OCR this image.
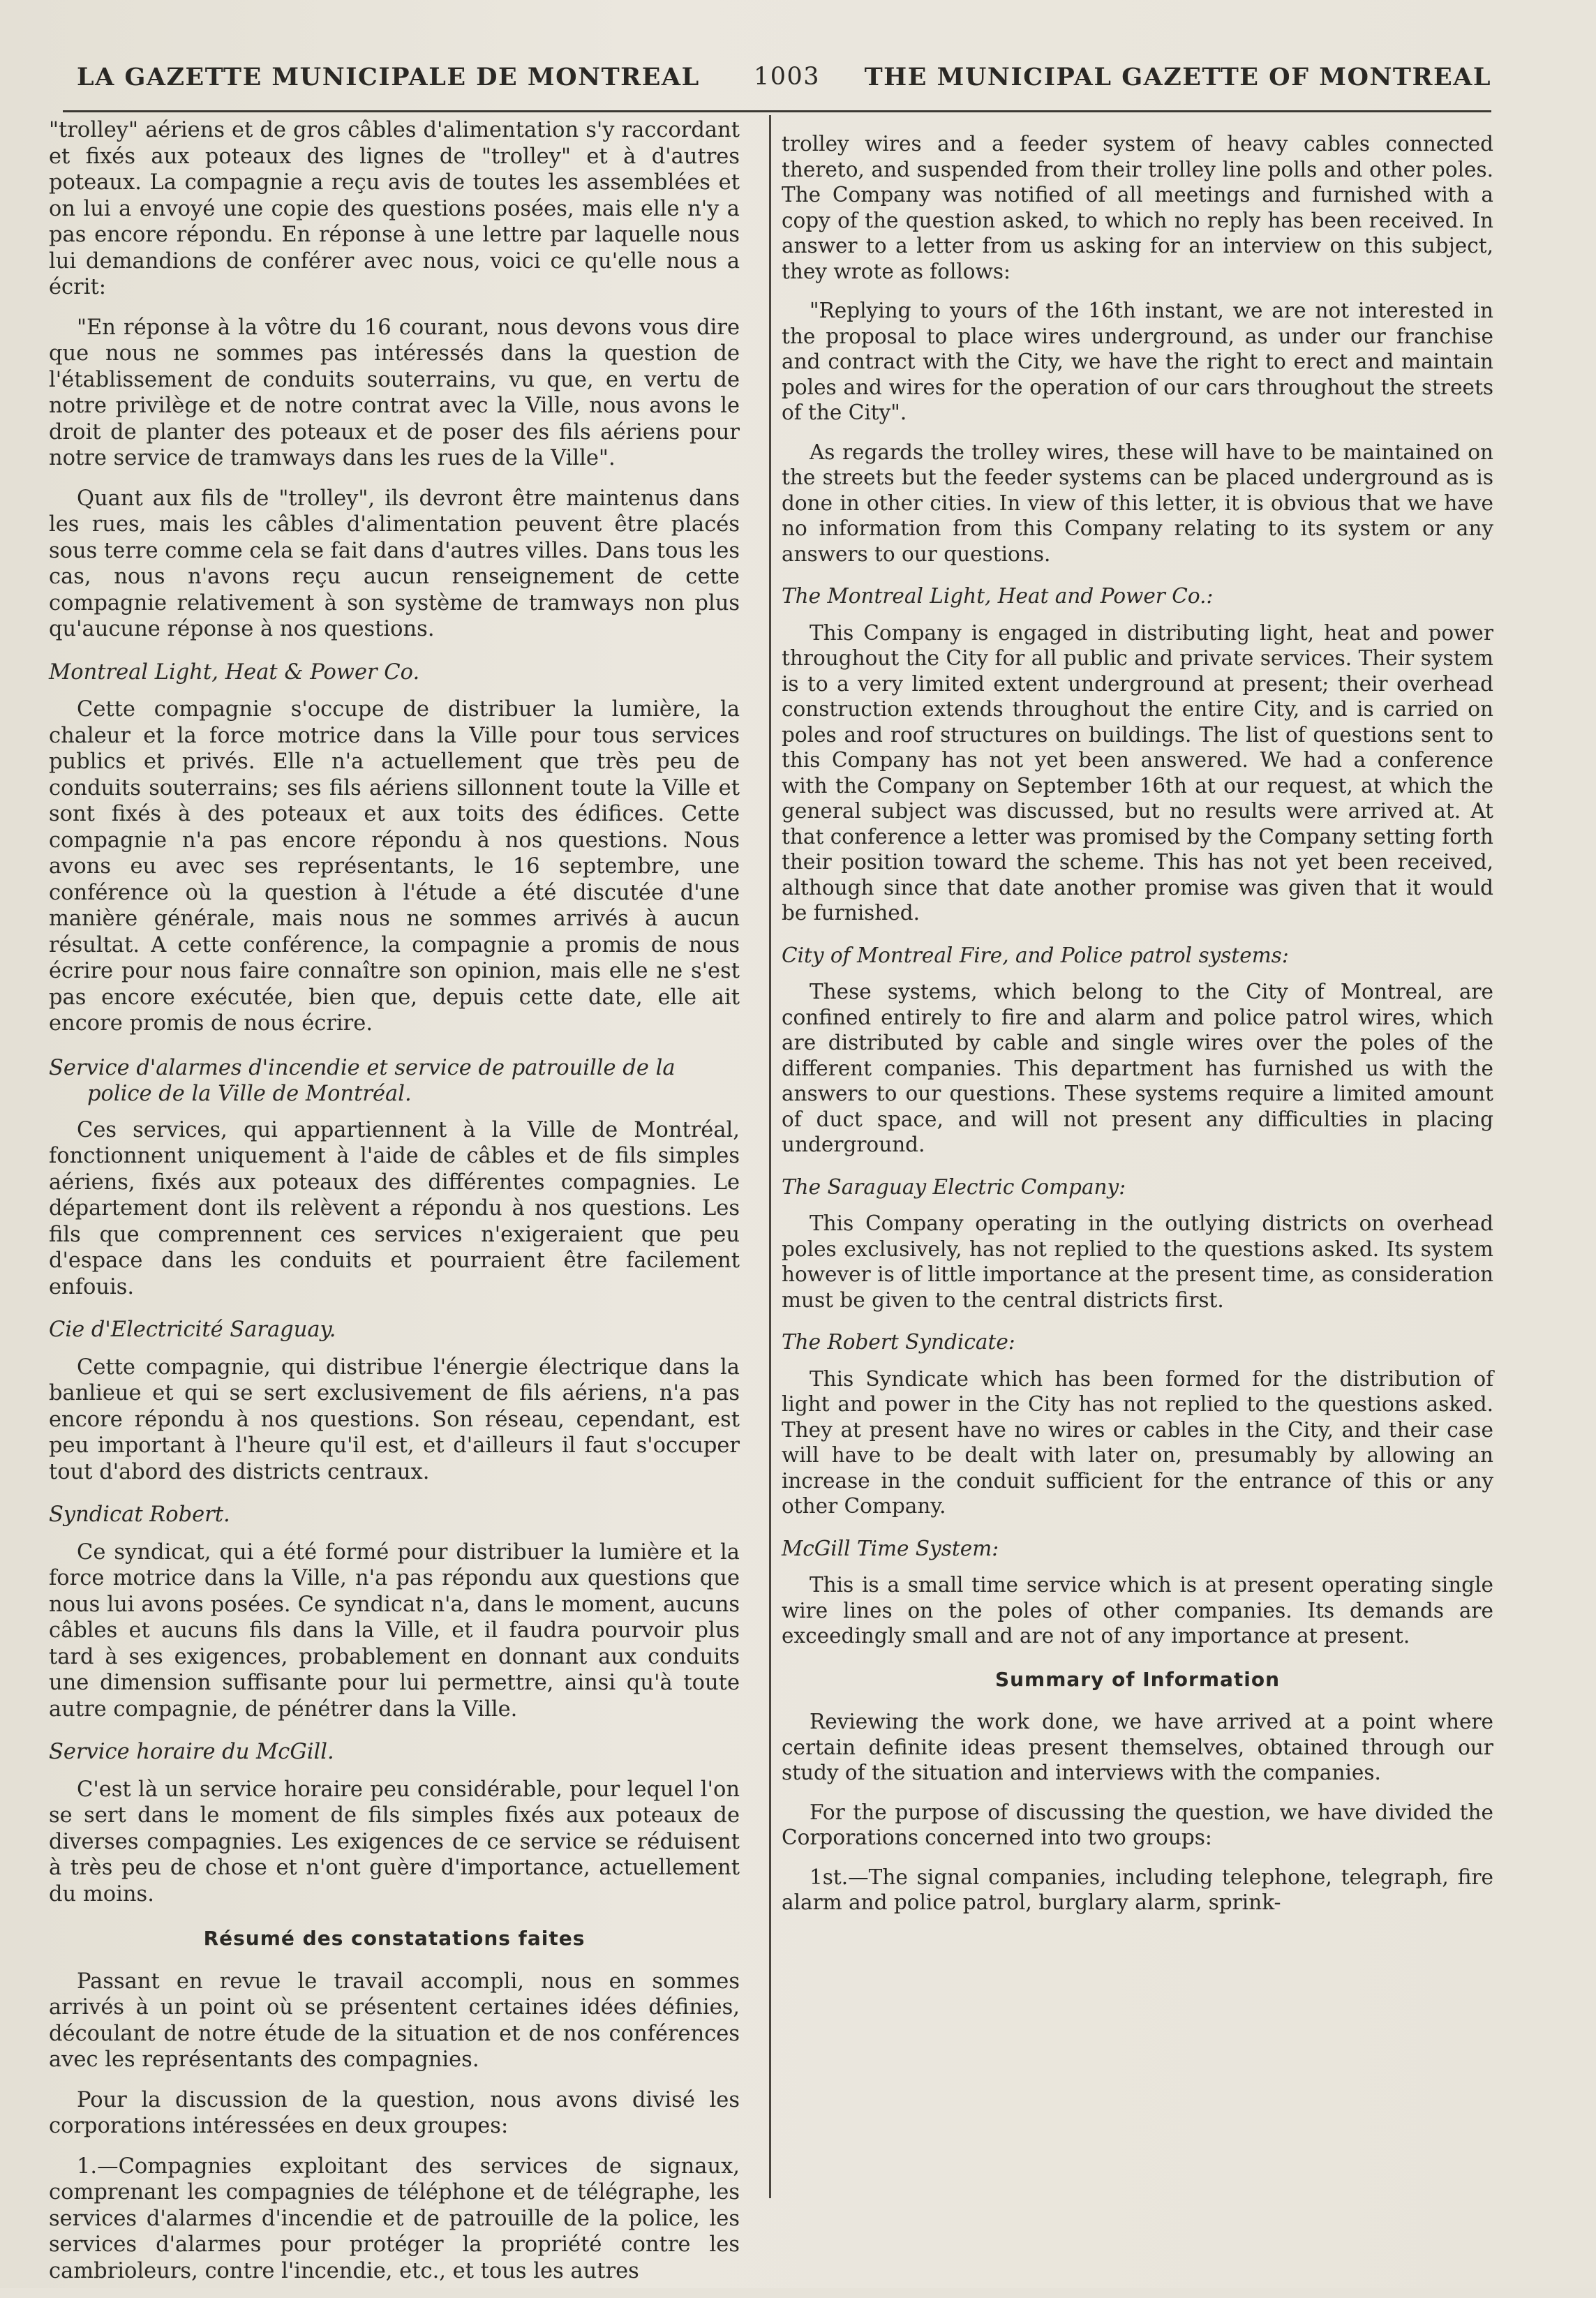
LA GAZETTE MUNICIPALE DE MONTREAL 1003 THE MUNICIPAL GAZETTE OF MONTREAL

"trolley" aériens et de gros câbles d'alimentation s'y raccordant et fixés aux poteaux des lignes de "trolley" et à d'autres poteaux. La compagnie a reçu avis de toutes les assemblées et on lui a envoyé une copie des questions posées, mais elle n'y a pas encore répondu. En réponse à une lettre par laquelle nous lui demandions de conférer avec nous, voici ce qu'elle nous a écrit:

"En réponse à la vôtre du 16 courant, nous devons vous dire que nous ne sommes pas intéressés dans la question de l'établissement de conduits souterrains, vu que, en vertu de notre privilège et de notre contrat avec la Ville, nous avons le droit de planter des poteaux et de poser des fils aériens pour notre service de tramways dans les rues de la Ville".

Quant aux fils de "trolley", ils devront être maintenus dans les rues, mais les câbles d'alimentation peuvent être placés sous terre comme cela se fait dans d'autres villes. Dans tous les cas, nous n'avons reçu aucun renseignement de cette compagnie relativement à son système de tramways non plus qu'aucune réponse à nos questions.

Montreal Light, Heat & Power Co.

Cette compagnie s'occupe de distribuer la lumière, la chaleur et la force motrice dans la Ville pour tous services publics et privés. Elle n'a actuellement que très peu de conduits souterrains; ses fils aériens sillonnent toute la Ville et sont fixés à des poteaux et aux toits des édifices. Cette compagnie n'a pas encore répondu à nos questions. Nous avons eu avec ses représentants, le 16 septembre, une conférence où la question à l'étude a été discutée d'une manière générale, mais nous ne sommes arrivés à aucun résultat. A cette conférence, la compagnie a promis de nous écrire pour nous faire connaître son opinion, mais elle ne s'est pas encore exécutée, bien que, depuis cette date, elle ait encore promis de nous écrire.

Service d'alarmes d'incendie et service de patrouille de la police de la Ville de Montréal.

Ces services, qui appartiennent à la Ville de Montréal, fonctionnent uniquement à l'aide de câbles et de fils simples aériens, fixés aux poteaux des différentes compagnies. Le département dont ils relèvent a répondu à nos questions. Les fils que comprennent ces services n'exigeraient que peu d'espace dans les conduits et pourraient être facilement enfouis.

Cie d'Electricité Saraguay.

Cette compagnie, qui distribue l'énergie électrique dans la banlieue et qui se sert exclusivement de fils aériens, n'a pas encore répondu à nos questions. Son réseau, cependant, est peu important à l'heure qu'il est, et d'ailleurs il faut s'occuper tout d'abord des districts centraux.

Syndicat Robert.

Ce syndicat, qui a été formé pour distribuer la lumière et la force motrice dans la Ville, n'a pas répondu aux questions que nous lui avons posées. Ce syndicat n'a, dans le moment, aucuns câbles et aucuns fils dans la Ville, et il faudra pourvoir plus tard à ses exigences, probablement en donnant aux conduits une dimension suffisante pour lui permettre, ainsi qu'à toute autre compagnie, de pénétrer dans la Ville.

Service horaire du McGill.

C'est là un service horaire peu considérable, pour lequel l'on se sert dans le moment de fils simples fixés aux poteaux de diverses compagnies. Les exigences de ce service se réduisent à très peu de chose et n'ont guère d'importance, actuellement du moins.

Résumé des constatations faites

Passant en revue le travail accompli, nous en sommes arrivés à un point où se présentent certaines idées définies, découlant de notre étude de la situation et de nos conférences avec les représentants des compagnies.

Pour la discussion de la question, nous avons divisé les corporations intéressées en deux groupes:

1.—Compagnies exploitant des services de signaux, comprenant les compagnies de téléphone et de télégraphe, les services d'alarmes d'incendie et de patrouille de la police, les services d'alarmes pour protéger la propriété contre les cambrioleurs, contre l'incendie, etc., et tous les autres

trolley wires and a feeder system of heavy cables connected thereto, and suspended from their trolley line polls and other poles. The Company was notified of all meetings and furnished with a copy of the question asked, to which no reply has been received. In answer to a letter from us asking for an interview on this subject, they wrote as follows:

"Replying to yours of the 16th instant, we are not interested in the proposal to place wires underground, as under our franchise and contract with the City, we have the right to erect and maintain poles and wires for the operation of our cars throughout the streets of the City".

As regards the trolley wires, these will have to be maintained on the streets but the feeder systems can be placed underground as is done in other cities. In view of this letter, it is obvious that we have no information from this Company relating to its system or any answers to our questions.

The Montreal Light, Heat and Power Co.:

This Company is engaged in distributing light, heat and power throughout the City for all public and private services. Their system is to a very limited extent underground at present; their overhead construction extends throughout the entire City, and is carried on poles and roof structures on buildings. The list of questions sent to this Company has not yet been answered. We had a conference with the Company on September 16th at our request, at which the general subject was discussed, but no results were arrived at. At that conference a letter was promised by the Company setting forth their position toward the scheme. This has not yet been received, although since that date another promise was given that it would be furnished.

City of Montreal Fire, and Police patrol systems:

These systems, which belong to the City of Montreal, are confined entirely to fire and alarm and police patrol wires, which are distributed by cable and single wires over the poles of the different companies. This department has furnished us with the answers to our questions. These systems require a limited amount of duct space, and will not present any difficulties in placing underground.

The Saraguay Electric Company:

This Company operating in the outlying districts on overhead poles exclusively, has not replied to the questions asked. Its system however is of little importance at the present time, as consideration must be given to the central districts first.

The Robert Syndicate:

This Syndicate which has been formed for the distribution of light and power in the City has not replied to the questions asked. They at present have no wires or cables in the City, and their case will have to be dealt with later on, presumably by allowing an increase in the conduit sufficient for the entrance of this or any other Company.

McGill Time System:

This is a small time service which is at present operating single wire lines on the poles of other companies. Its demands are exceedingly small and are not of any importance at present.

Summary of Information

Reviewing the work done, we have arrived at a point where certain definite ideas present themselves, obtained through our study of the situation and interviews with the companies.

For the purpose of discussing the question, we have divided the Corporations concerned into two groups:

1st.—The signal companies, including telephone, telegraph, fire alarm and police patrol, burglary alarm, sprink-
